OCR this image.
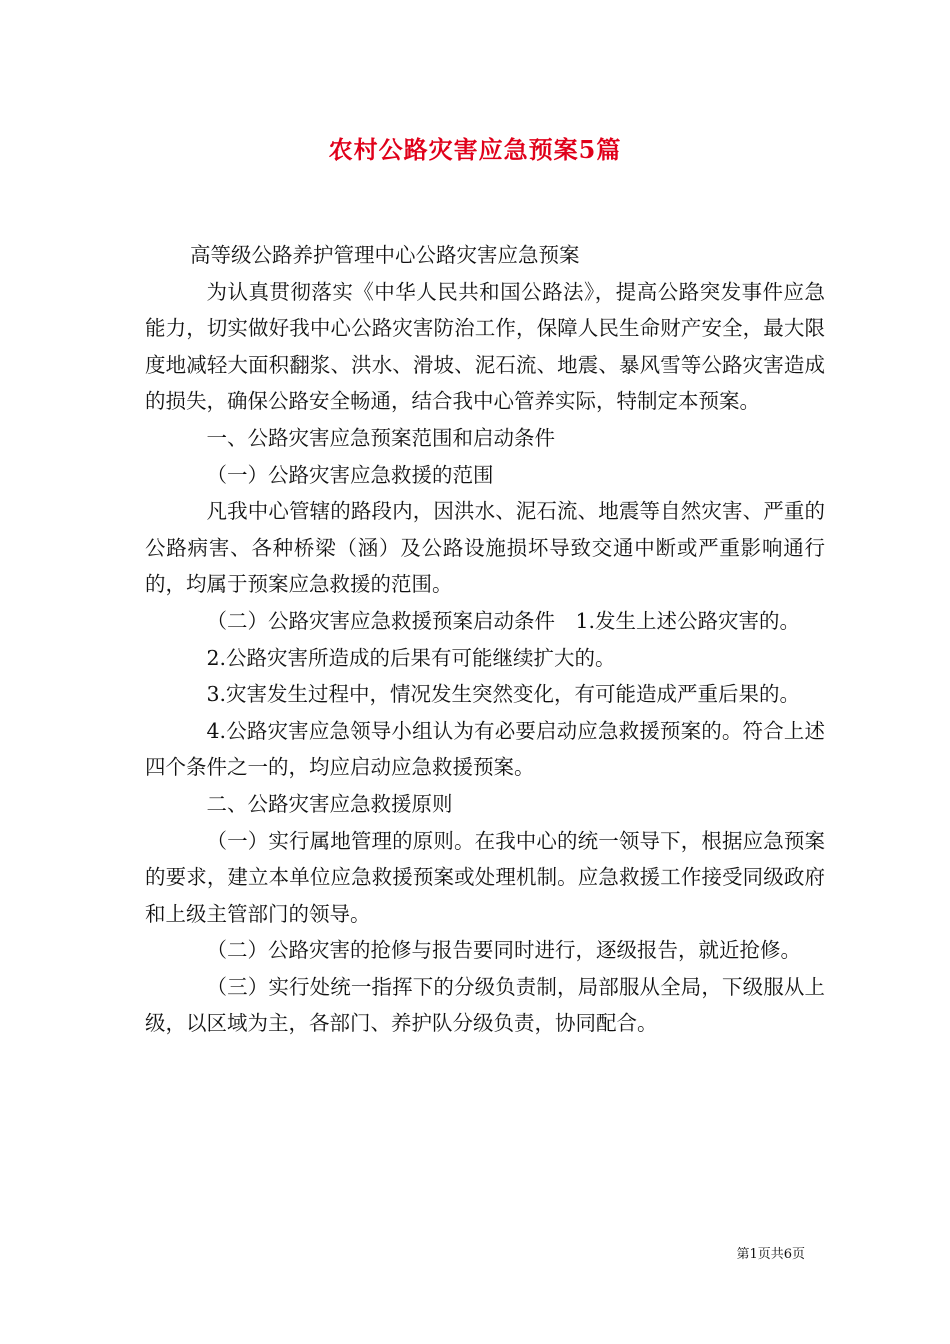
农村公路灾害应急预案5篇

高等级公路养护管理中心公路灾害应急预案

为认真贯彻落实《中华人民共和国公路法》，提高公路突发事件应急能力，切实做好我中心公路灾害防治工作，保障人民生命财产安全，最大限度地减轻大面积翻浆、洪水、滑坡、泥石流、地震、暴风雪等公路灾害造成的损失，确保公路安全畅通，结合我中心管养实际，特制定本预案。

一、公路灾害应急预案范围和启动条件

（一）公路灾害应急救援的范围

凡我中心管辖的路段内，因洪水、泥石流、地震等自然灾害、严重的公路病害、各种桥梁（涵）及公路设施损坏导致交通中断或严重影响通行的，均属于预案应急救援的范围。

（二）公路灾害应急救援预案启动条件　1.发生上述公路灾害的。

2.公路灾害所造成的后果有可能继续扩大的。

3.灾害发生过程中，情况发生突然变化，有可能造成严重后果的。

4.公路灾害应急领导小组认为有必要启动应急救援预案的。符合上述四个条件之一的，均应启动应急救援预案。

二、公路灾害应急救援原则

（一）实行属地管理的原则。在我中心的统一领导下，根据应急预案的要求，建立本单位应急救援预案或处理机制。应急救援工作接受同级政府和上级主管部门的领导。

（二）公路灾害的抢修与报告要同时进行，逐级报告，就近抢修。

（三）实行处统一指挥下的分级负责制，局部服从全局，下级服从上级，以区域为主，各部门、养护队分级负责，协同配合。

第1页共6页
